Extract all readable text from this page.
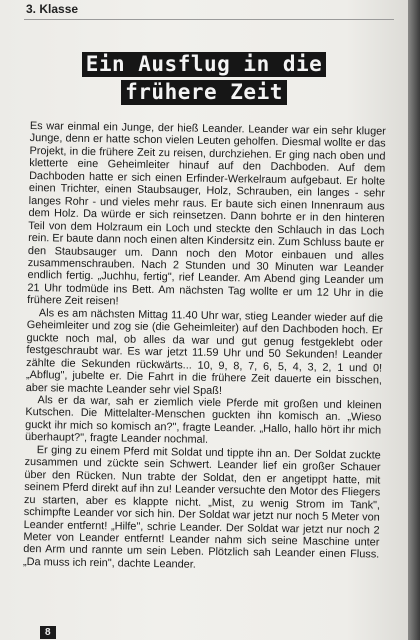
3. Klasse
Ein Ausflug in die
frühere Zeit

Es war einmal ein Junge, der hieß Leander. Leander war ein sehr kluger Junge, denn er hatte schon vielen Leuten geholfen. Diesmal wollte er das Projekt, in die frühere Zeit zu reisen, durchziehen. Er ging nach oben und kletterte eine Geheimleiter hinauf auf den Dachboden. Auf dem Dachboden hatte er sich einen Erfinder-Werkelraum aufgebaut. Er holte einen Trichter, einen Staubsauger, Holz, Schrauben, ein langes - sehr langes Rohr - und vieles mehr raus. Er baute sich einen Innenraum aus dem Holz. Da würde er sich reinsetzen. Dann bohrte er in den hinteren Teil von dem Holzraum ein Loch und steckte den Schlauch in das Loch rein. Er baute dann noch einen alten Kindersitz ein. Zum Schluss baute er den Staubsauger um. Dann noch den Motor einbauen und alles zusammenschrauben. Nach 2 Stunden und 30 Minuten war Leander endlich fertig. „Juchhu, fertig", rief Leander. Am Abend ging Leander um 21 Uhr todmüde ins Bett. Am nächsten Tag wollte er um 12 Uhr in die frühere Zeit reisen!

Als es am nächsten Mittag 11.40 Uhr war, stieg Leander wieder auf die Geheimleiter und zog sie (die Geheimleiter) auf den Dachboden hoch. Er guckte noch mal, ob alles da war und gut genug festgeklebt oder festgeschraubt war. Es war jetzt 11.59 Uhr und 50 Sekunden! Leander zählte die Sekunden rückwärts... 10, 9, 8, 7, 6, 5, 4, 3, 2, 1 und 0! „Abflug", jubelte er. Die Fahrt in die frühere Zeit dauerte ein bisschen, aber sie machte Leander sehr viel Spaß!

Als er da war, sah er ziemlich viele Pferde mit großen und kleinen Kutschen. Die Mittelalter-Menschen guckten ihn komisch an. „Wieso guckt ihr mich so komisch an?", fragte Leander. „Hallo, hallo hört ihr mich überhaupt?", fragte Leander nochmal.

Er ging zu einem Pferd mit Soldat und tippte ihn an. Der Soldat zuckte zusammen und zückte sein Schwert. Leander lief ein großer Schauer über den Rücken. Nun trabte der Soldat, den er angetippt hatte, mit seinem Pferd direkt auf ihn zu! Leander versuchte den Motor des Fliegers zu starten, aber es klappte nicht. „Mist, zu wenig Strom im Tank", schimpfte Leander vor sich hin. Der Soldat war jetzt nur noch 5 Meter von Leander entfernt! „Hilfe", schrie Leander. Der Soldat war jetzt nur noch 2 Meter von Leander entfernt! Leander nahm sich seine Maschine unter den Arm und rannte um sein Leben. Plötzlich sah Leander einen Fluss. „Da muss ich rein", dachte Leander.

8
